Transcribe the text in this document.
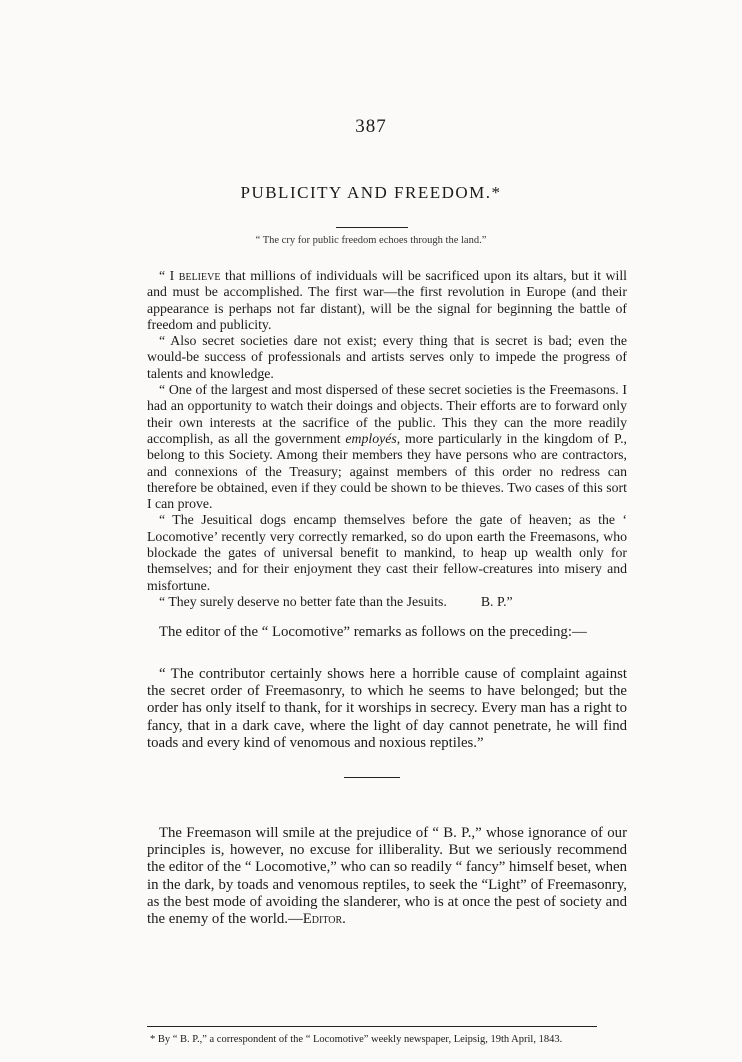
387
PUBLICITY AND FREEDOM.*
“ The cry for public freedom echoes through the land.”

“ I believe that millions of individuals will be sacrificed upon its altars, but it will and must be accomplished. The first war—the first revolution in Europe (and their appearance is perhaps not far distant), will be the signal for beginning the battle of freedom and publicity.

“ Also secret societies dare not exist; every thing that is secret is bad; even the would-be success of professionals and artists serves only to impede the progress of talents and knowledge.

“ One of the largest and most dispersed of these secret societies is the Freemasons. I had an opportunity to watch their doings and objects. Their efforts are to forward only their own interests at the sacrifice of the public. This they can the more readily accomplish, as all the government employés, more particularly in the kingdom of P., belong to this Society. Among their members they have persons who are contractors, and connexions of the Treasury; against members of this order no redress can therefore be obtained, even if they could be shown to be thieves. Two cases of this sort I can prove.

“ The Jesuitical dogs encamp themselves before the gate of heaven; as the ‘ Locomotive’ recently very correctly remarked, so do upon earth the Freemasons, who blockade the gates of universal benefit to mankind, to heap up wealth only for themselves; and for their enjoyment they cast their fellow-creatures into misery and misfortune.

“ They surely deserve no better fate than the Jesuits. B. P.”

The editor of the “ Locomotive” remarks as follows on the preceding:—

“ The contributor certainly shows here a horrible cause of complaint against the secret order of Freemasonry, to which he seems to have belonged; but the order has only itself to thank, for it worships in secrecy. Every man has a right to fancy, that in a dark cave, where the light of day cannot penetrate, he will find toads and every kind of venomous and noxious reptiles.”

The Freemason will smile at the prejudice of “ B. P.,” whose ignorance of our principles is, however, no excuse for illiberality. But we seriously recommend the editor of the “ Locomotive,” who can so readily “ fancy” himself beset, when in the dark, by toads and venomous reptiles, to seek the “Light” of Freemasonry, as the best mode of avoiding the slanderer, who is at once the pest of society and the enemy of the world.—Editor.

* By “ B. P.,” a correspondent of the “ Locomotive” weekly newspaper, Leipsig, 19th April, 1843.
